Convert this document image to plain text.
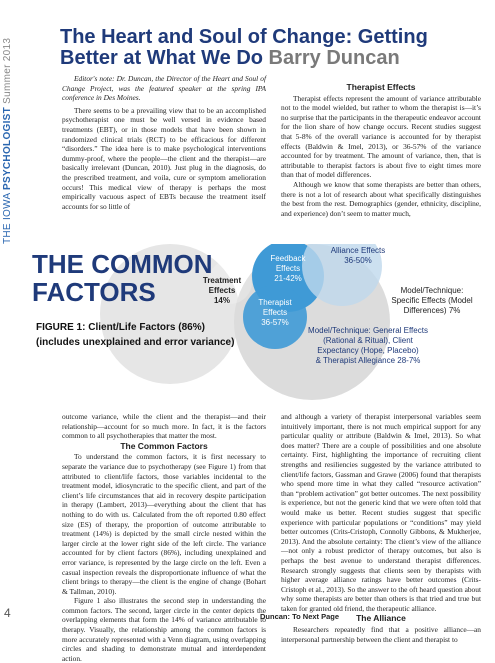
THE IOWA PSYCHOLOGIST Summer 2013
The Heart and Soul of Change: Getting Better at What We Do Barry Duncan

Editor's note: Dr. Duncan, the Director of the Heart and Soul of Change Project, was the featured speaker at the spring IPA conference in Des Moines.

There seems to be a prevailing view that to be an accomplished psychotherapist one must be well versed in evidence based treatments (EBT), or in those models that have been shown in randomized clinical trials (RCT) to be efficacious for different “disorders.” The idea here is to make psychological interventions dummy-proof, where the people—the client and the therapist—are basically irrelevant (Duncan, 2010). Just plug in the diagnosis, do the prescribed treatment, and voila, cure or symptom amelioration occurs! This medical view of therapy is perhaps the most empirically vacuous aspect of EBTs because the treatment itself accounts for so little of

Therapist Effects

Therapist effects represent the amount of variance attributable not to the model wielded, but rather to whom the therapist is—it’s no surprise that the participants in the therapeutic endeavor account for the lion share of how change occurs. Recent studies suggest that 5-8% of the overall variance is accounted for by therapist effects (Baldwin & Imel, 2013), or 36-57% of the variance accounted for by treatment. The amount of variance, then, that is attributable to therapist factors is about five to eight times more than that of model differences.

Although we know that some therapists are better than others, there is not a lot of research about what specifically distinguishes the best from the rest. Demographics (gender, ethnicity, discipline, and experience) don’t seem to matter much,

THE COMMON
FACTORS	Treatment
Effects
14%
Feedback
Effects
21-42%
Alliance Effects
36-50%
Therapist
Effects
36-57%
Model/Technique:
Specific Effects (Model
Differences) 7%
Model/Technique: General Effects
(Rational & Ritual), Client
Expectancy (Hope, Placebo)
& Therapist Allegiance 28-7%
FIGURE 1: Client/Life Factors (86%)
(includes unexplained and error variance)

outcome variance, while the client and the therapist—and their relationship—account for so much more. In fact, it is the factors common to all psychotherapies that matter the most.

The Common Factors

To understand the common factors, it is first necessary to separate the variance due to psychotherapy (see Figure 1) from that attributed to client/life factors, those variables incidental to the treatment model, idiosyncratic to the specific client, and part of the client’s life circumstances that aid in recovery despite participation in therapy (Lambert, 2013)—everything about the client that has nothing to do with us. Calculated from the oft reported 0.80 effect size (ES) of therapy, the proportion of outcome attributable to treatment (14%) is depicted by the small circle nested within the larger circle at the lower right side of the left circle. The variance accounted for by client factors (86%), including unexplained and error variance, is represented by the large circle on the left. Even a casual inspection reveals the disproportionate influence of what the client brings to therapy—the client is the engine of change (Bohart & Tallman, 2010).

Figure 1 also illustrates the second step in understanding the common factors. The second, larger circle in the center depicts the overlapping elements that form the 14% of variance attributable to therapy. Visually, the relationship among the common factors is more accurately represented with a Venn diagram, using overlapping circles and shading to demonstrate mutual and interdependent action.

and although a variety of therapist interpersonal variables seem intuitively important, there is not much empirical support for any particular quality or attribute (Baldwin & Imel, 2013). So what does matter? There are a couple of possibilities and one absolute certainty. First, highlighting the importance of recruiting client strengths and resiliencies suggested by the variance attributed to client/life factors, Gassman and Grawe (2006) found that therapists who spend more time in what they called “resource activation” than “problem activation” got better outcomes. The next possibility is experience, but not the generic kind that we were often told that would make us better. Recent studies suggest that specific experience with particular populations or “conditions” may yield better outcomes (Crits-Cristoph, Connolly Gibbons, & Mukherjee, 2013). And the absolute certainty: The client’s view of the alliance—not only a robust predictor of therapy outcomes, but also is perhaps the best avenue to understand therapist differences. Research strongly suggests that clients seen by therapists with higher average alliance ratings have better outcomes (Crits-Cristoph et al., 2013). So the answer to the oft heard question about why some therapists are better than others is that tried and true but taken for granted old friend, the therapeutic alliance.

The Alliance

Researchers repeatedly find that a positive alliance—an interpersonal partnership between the client and therapist to

Duncan: To Next Page
4
